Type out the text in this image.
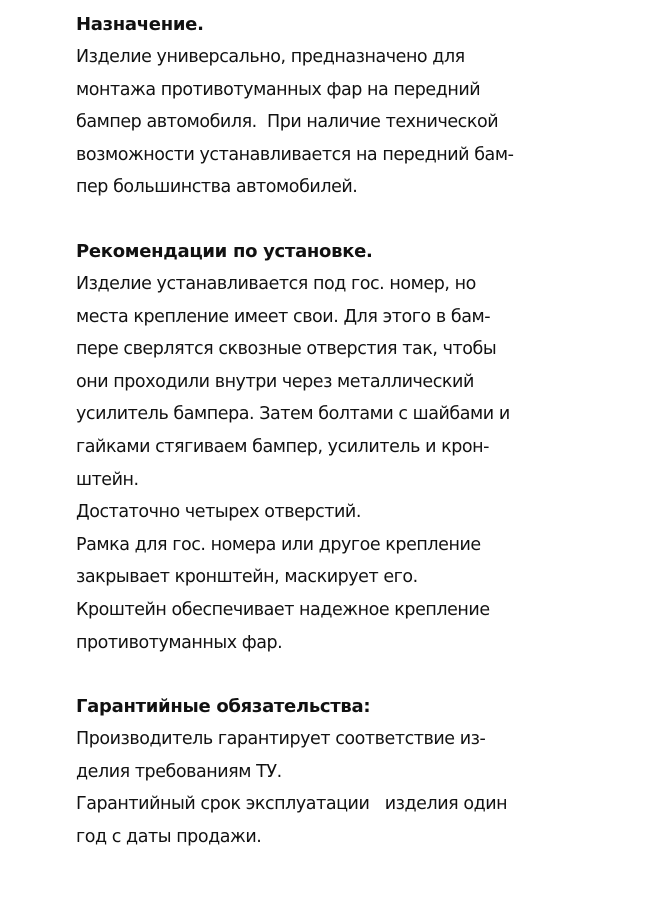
Назначение.

Изделие универсально, предназначено для

монтажа противотуманных фар на передний

бампер автомобиля.  При наличие технической

возможности устанавливается на передний бам-

пер большинства автомобилей.

Рекомендации по установке.

Изделие устанавливается под гос. номер, но

места крепление имеет свои. Для этого в бам-

пере сверлятся сквозные отверстия так, чтобы

они проходили внутри через металлический

усилитель бампера. Затем болтами с шайбами и

гайками стягиваем бампер, усилитель и крон-

штейн.

Достаточно четырех отверстий.

Рамка для гос. номера или другое крепление

закрывает кронштейн, маскирует его.

Кроштейн обеспечивает надежное крепление

противотуманных фар.

Гарантийные обязательства:

Производитель гарантирует соответствие из-

делия требованиям ТУ.

Гарантийный срок эксплуатации   изделия один

год с даты продажи.
